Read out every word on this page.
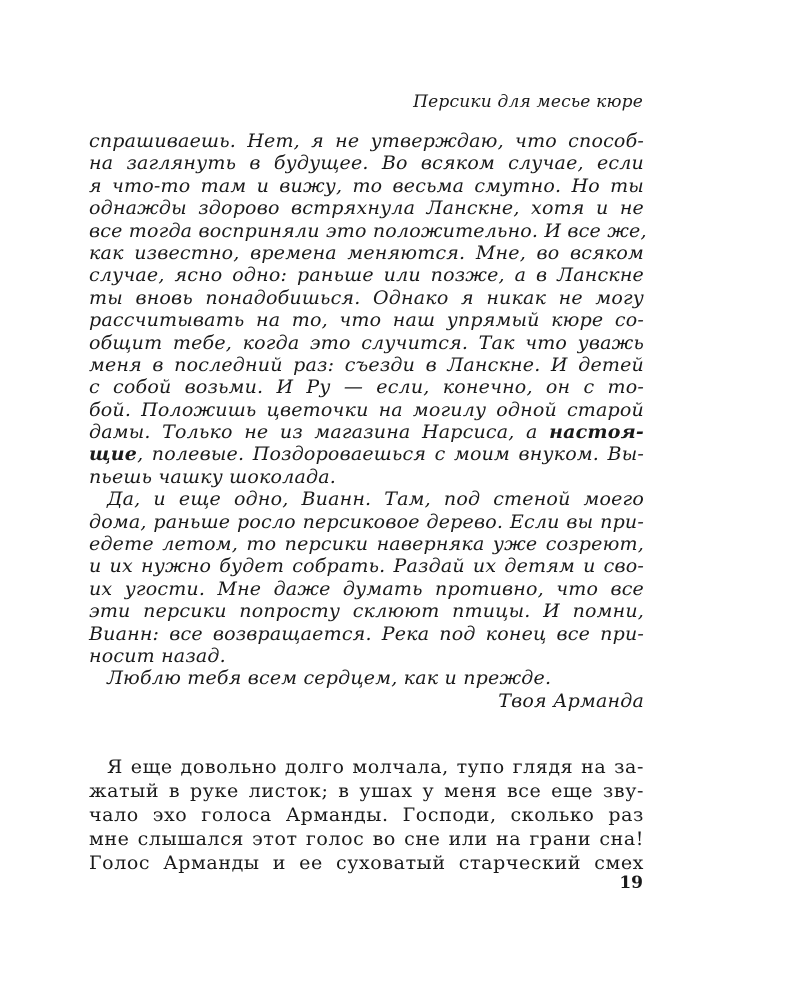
Персики для месье кюре
спрашиваешь. Нет, я не утверждаю, что способ-
на заглянуть в будущее. Во всяком случае, если
я что-то там и вижу, то весьма смутно. Но ты
однажды здорово встряхнула Ланскне, хотя и не
все тогда восприняли это положительно. И все же,
как известно, времена меняются. Мне, во всяком
случае, ясно одно: раньше или позже, а в Ланскне
ты вновь понадобишься. Однако я никак не могу
рассчитывать на то, что наш упрямый кюре со-
общит тебе, когда это случится. Так что уважь
меня в последний раз: съезди в Ланскне. И детей
с собой возьми. И Ру — если, конечно, он с то-
бой. Положишь цветочки на могилу одной старой
дамы. Только не из магазина Нарсиса, а настоя-
щие, полевые. Поздороваешься с моим внуком. Вы-
пьешь чашку шоколада.
Да, и еще одно, Вианн. Там, под стеной моего
дома, раньше росло персиковое дерево. Если вы при-
едете летом, то персики наверняка уже созреют,
и их нужно будет собрать. Раздай их детям и сво-
их угости. Мне даже думать противно, что все
эти персики попросту склюют птицы. И помни,
Вианн: все возвращается. Река под конец все при-
носит назад.
Люблю тебя всем сердцем, как и прежде.
Твоя Арманда
Я еще довольно долго молчала, тупо глядя на за-
жатый в руке листок; в ушах у меня все еще зву-
чало эхо голоса Арманды. Господи, сколько раз
мне слышался этот голос во сне или на грани сна!
Голос Арманды и ее суховатый старческий смех
19
